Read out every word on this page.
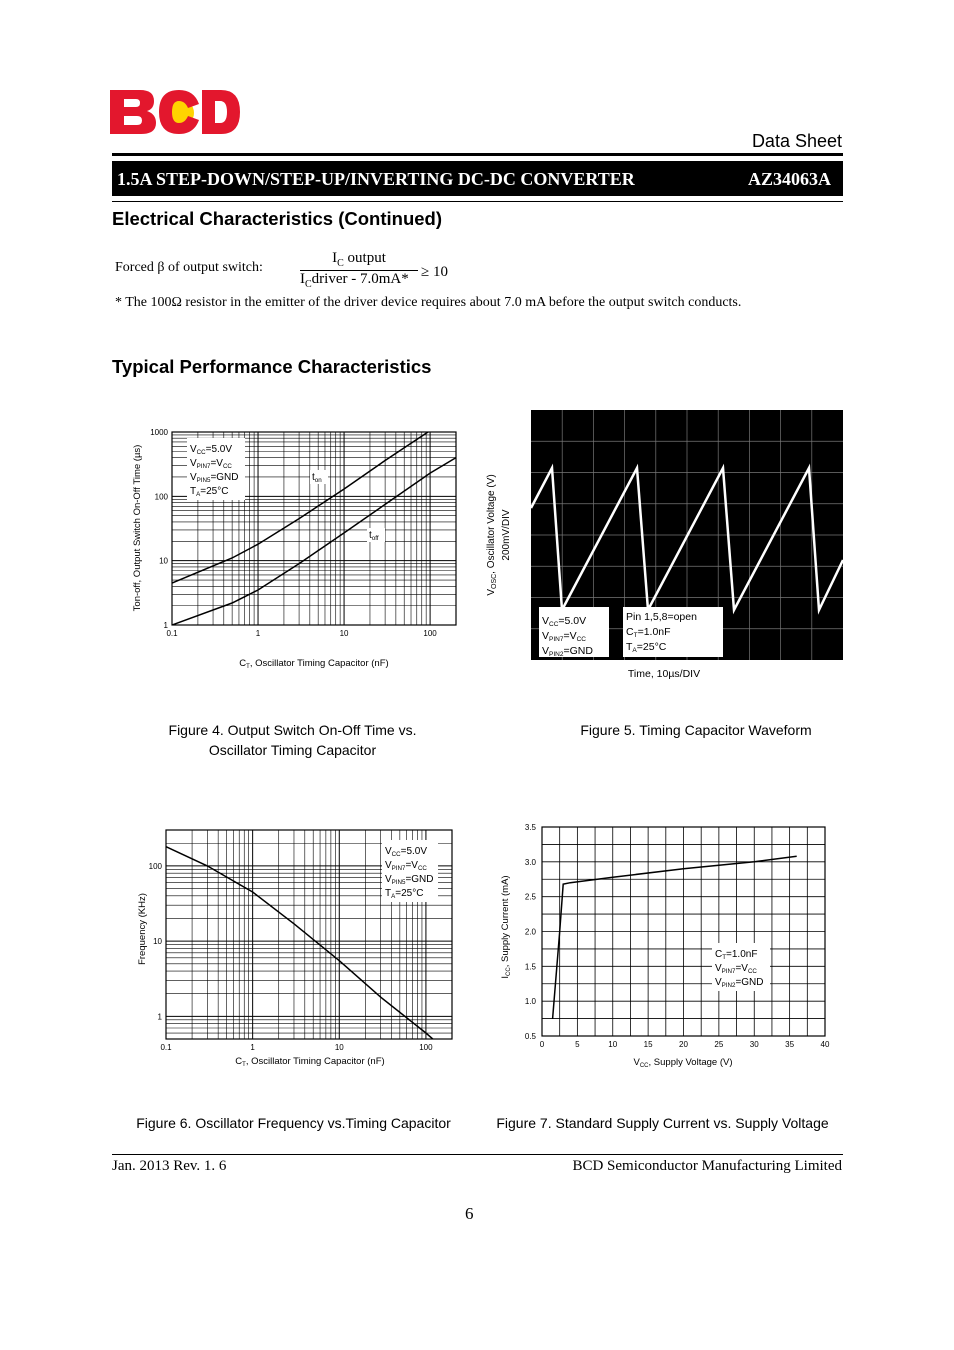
Data Sheet
1.5A STEP-DOWN/STEP-UP/INVERTING DC-DC CONVERTER	AZ34063A
Electrical Characteristics (Continued)
Forced β of output switch:
$I_C$ output
$I_Cdriver - 7.0mA* \ge 10$
* The 100Ω resistor in the emitter of the driver device requires about 7.0 mA before the output switch conducts.
Typical Performance Characteristics
0.1	1	10	100
1
10
100
1000
$V_{CC}=5.0V$
$V_{PIN7}=V_{CC}$
$V_{PIN5}=GND$
$T_A=25^\circ C$
$t_{on}$
$t_{off}$
Ton-off, Output Switch On-Off Time (µs)
$C_T$, Oscillator Timing Capacitor (nF)
Figure 4. Output Switch On-Off Time vs.
Oscillator Timing Capacitor
VCC=5.0V
VPIN7=VCC
VPIN2=GND
Pin 1,5,8=open
CT=1.0nF
TA=25°C
$V_{OSC}$, Oscillator Voltage (V) 200mV/DIV
Time, 10µs/DIV
Figure 5. Timing Capacitor Waveform
0.1	1	10	100
1
10
100
$V_{CC}=5.0V$
$V_{PIN7}=V_{CC}$
$V_{PIN5}=GND$
$T_A=25^\circ C$
Frequency (KHz)
$C_T$, Oscillator Timing Capacitor (nF)
Figure 6. Oscillator Frequency vs.Timing Capacitor
0	5	10	15	20	25	30	35	40
0.5
1.0
1.5
2.0
2.5
3.0
3.5
$C_T=1.0nF$
$V_{PIN7}=V_{CC}$
$V_{PIN2}=GND$
$I_{CC}$, Supply Current (mA)
$V_{CC}$, Supply Voltage (V)
Figure 7. Standard Supply Current vs. Supply Voltage
Jan. 2013 Rev. 1. 6	BCD Semiconductor Manufacturing Limited
6
